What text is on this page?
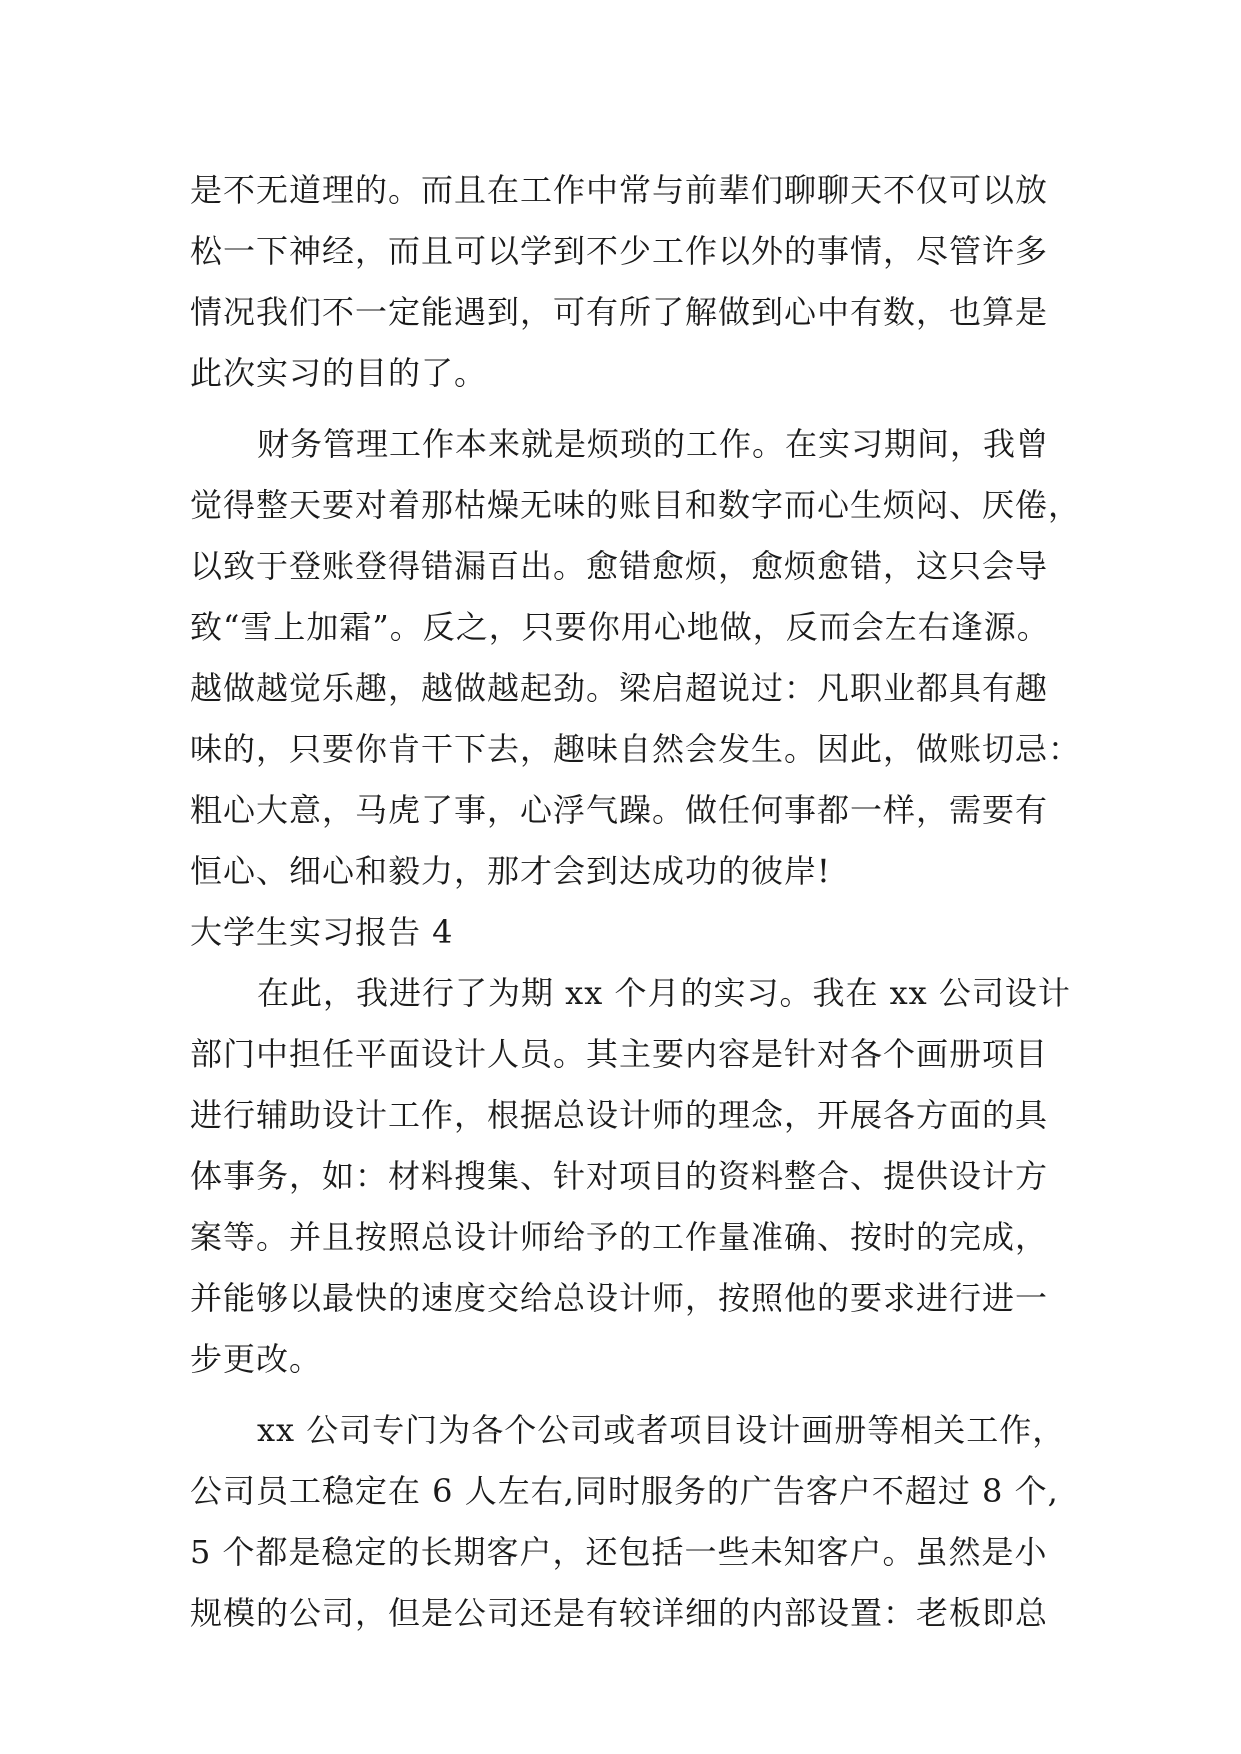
是不无道理的。而且在工作中常与前辈们聊聊天不仅可以放
松一下神经，而且可以学到不少工作以外的事情，尽管许多
情况我们不一定能遇到，可有所了解做到心中有数，也算是
此次实习的目的了。
财务管理工作本来就是烦琐的工作。在实习期间，我曾
觉得整天要对着那枯燥无味的账目和数字而心生烦闷、厌倦，
以致于登账登得错漏百出。愈错愈烦，愈烦愈错，这只会导
致“雪上加霜”。反之，只要你用心地做，反而会左右逢源。
越做越觉乐趣，越做越起劲。梁启超说过：凡职业都具有趣
味的，只要你肯干下去，趣味自然会发生。因此，做账切忌：
粗心大意，马虎了事，心浮气躁。做任何事都一样，需要有
恒心、细心和毅力，那才会到达成功的彼岸!
大学生实习报告 4
在此，我进行了为期 xx 个月的实习。我在 xx 公司设计
部门中担任平面设计人员。其主要内容是针对各个画册项目
进行辅助设计工作，根据总设计师的理念，开展各方面的具
体事务，如：材料搜集、针对项目的资料整合、提供设计方
案等。并且按照总设计师给予的工作量准确、按时的完成，
并能够以最快的速度交给总设计师，按照他的要求进行进一
步更改。
xx 公司专门为各个公司或者项目设计画册等相关工作，
公司员工稳定在 6 人左右,同时服务的广告客户不超过 8 个,
5 个都是稳定的长期客户，还包括一些未知客户。虽然是小
规模的公司，但是公司还是有较详细的内部设置：老板即总
